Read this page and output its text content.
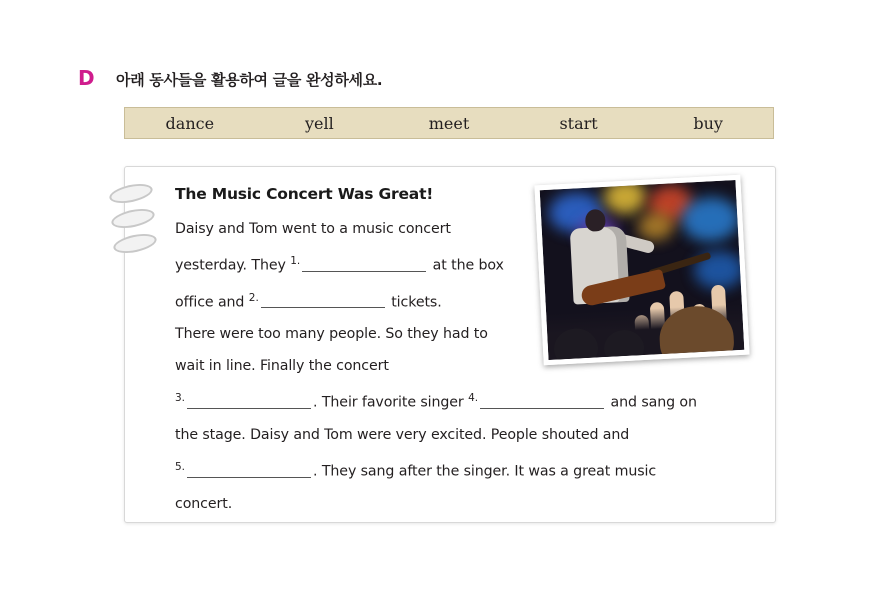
D	아래 동사들을 활용하여 글을 완성하세요.
dance	yell	meet	start	buy

The Music Concert Was Great!

Daisy and Tom went to a music concert
yesterday. They $^{1.}$	at the box
office and $^{2.}$	tickets.
There were too many people. So they had to
wait in line. Finally the concert
$^{3.}$	. Their favorite singer $^{4.}$	and sang on
the stage. Daisy and Tom were very excited. People shouted and
$^{5.}$	. They sang after the singer. It was a great music
concert.
